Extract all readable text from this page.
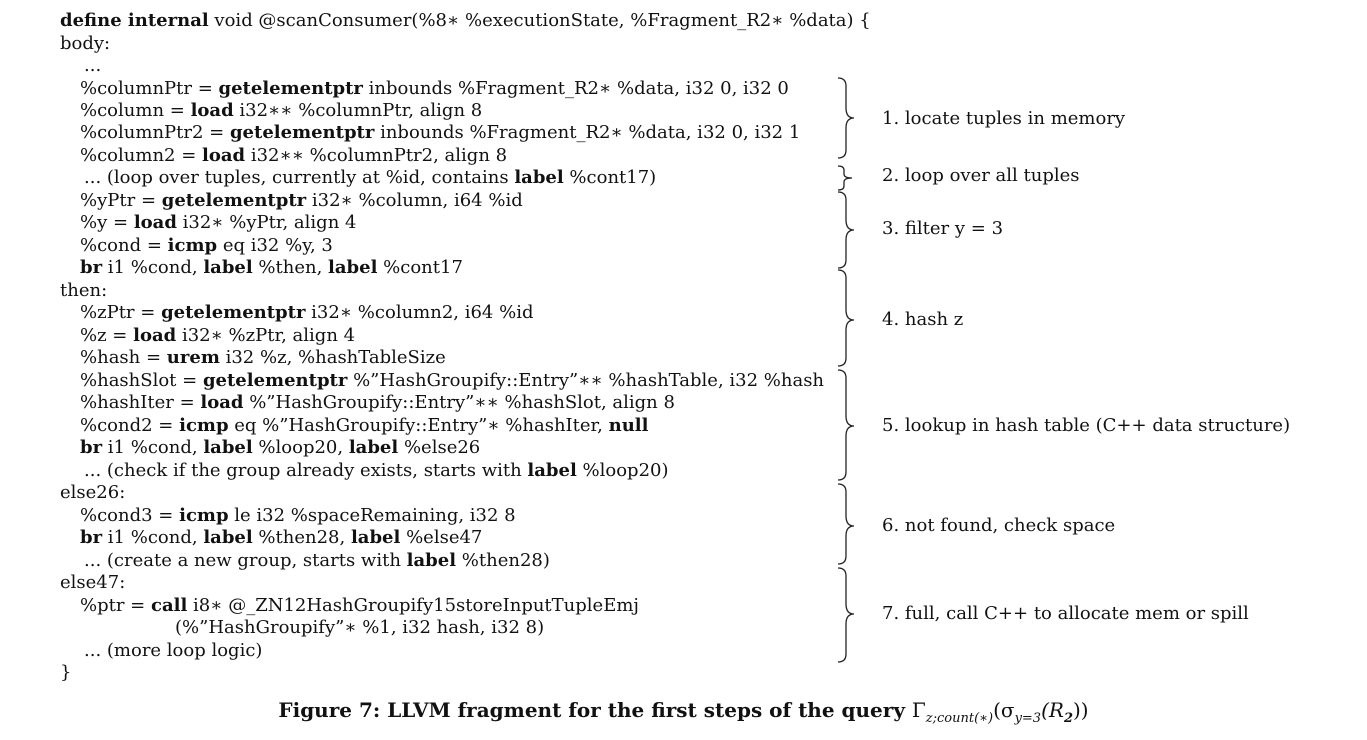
define internal void @scanConsumer(%8∗ %executionState, %Fragment_R2∗ %data) {
body:
...
%columnPtr = getelementptr inbounds %Fragment_R2∗ %data, i32 0, i32 0
%column = load i32∗∗ %columnPtr, align 8
%columnPtr2 = getelementptr inbounds %Fragment_R2∗ %data, i32 0, i32 1
%column2 = load i32∗∗ %columnPtr2, align 8
... (loop over tuples, currently at %id, contains label %cont17)
%yPtr = getelementptr i32∗ %column, i64 %id
%y = load i32∗ %yPtr, align 4
%cond = icmp eq i32 %y, 3
br i1 %cond, label %then, label %cont17
then:
%zPtr = getelementptr i32∗ %column2, i64 %id
%z = load i32∗ %zPtr, align 4
%hash = urem i32 %z, %hashTableSize
%hashSlot = getelementptr %”HashGroupify::Entry”∗∗ %hashTable, i32 %hash
%hashIter = load %”HashGroupify::Entry”∗∗ %hashSlot, align 8
%cond2 = icmp eq %”HashGroupify::Entry”∗ %hashIter, null
br i1 %cond, label %loop20, label %else26
... (check if the group already exists, starts with label %loop20)
else26:
%cond3 = icmp le i32 %spaceRemaining, i32 8
br i1 %cond, label %then28, label %else47
... (create a new group, starts with label %then28)
else47:
%ptr = call i8∗ @_ZN12HashGroupify15storeInputTupleEmj
(%”HashGroupify”∗ %1, i32 hash, i32 8)
... (more loop logic)
}
1. locate tuples in memory
2. loop over all tuples
3. filter y = 3
4. hash z
5. lookup in hash table (C++ data structure)
6. not found, check space
7. full, call C++ to allocate mem or spill
Figure 7: LLVM fragment for the first steps of the query $\Gamma_{z;count(∗)}(\sigma_{y=3}(R_2))$
